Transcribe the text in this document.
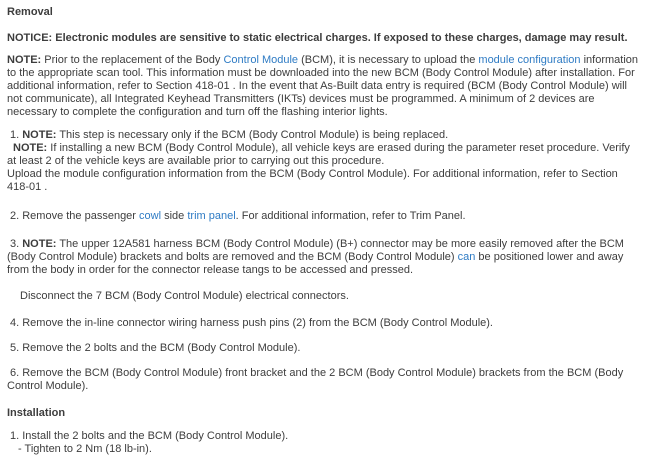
Removal
NOTICE: Electronic modules are sensitive to static electrical charges. If exposed to these charges, damage may result.
NOTE: Prior to the replacement of the Body Control Module (BCM), it is necessary to upload the module configuration information to the appropriate scan tool. This information must be downloaded into the new BCM (Body Control Module) after installation. For additional information, refer to Section 418-01 . In the event that As-Built data entry is required (BCM (Body Control Module) will not communicate), all Integrated Keyhead Transmitters (IKTs) devices must be programmed. A minimum of 2 devices are necessary to complete the configuration and turn off the flashing interior lights.
1. NOTE: This step is necessary only if the BCM (Body Control Module) is being replaced.
NOTE: If installing a new BCM (Body Control Module), all vehicle keys are erased during the parameter reset procedure. Verify at least 2 of the vehicle keys are available prior to carrying out this procedure.
Upload the module configuration information from the BCM (Body Control Module). For additional information, refer to Section 418-01 .
2. Remove the passenger cowl side trim panel. For additional information, refer to Trim Panel.
3. NOTE: The upper 12A581 harness BCM (Body Control Module) (B+) connector may be more easily removed after the BCM (Body Control Module) brackets and bolts are removed and the BCM (Body Control Module) can be positioned lower and away from the body in order for the connector release tangs to be accessed and pressed.
Disconnect the 7 BCM (Body Control Module) electrical connectors.
4. Remove the in-line connector wiring harness push pins (2) from the BCM (Body Control Module).
5. Remove the 2 bolts and the BCM (Body Control Module).
6. Remove the BCM (Body Control Module) front bracket and the 2 BCM (Body Control Module) brackets from the BCM (Body Control Module).
Installation
1. Install the 2 bolts and the BCM (Body Control Module).
- Tighten to 2 Nm (18 lb-in).
